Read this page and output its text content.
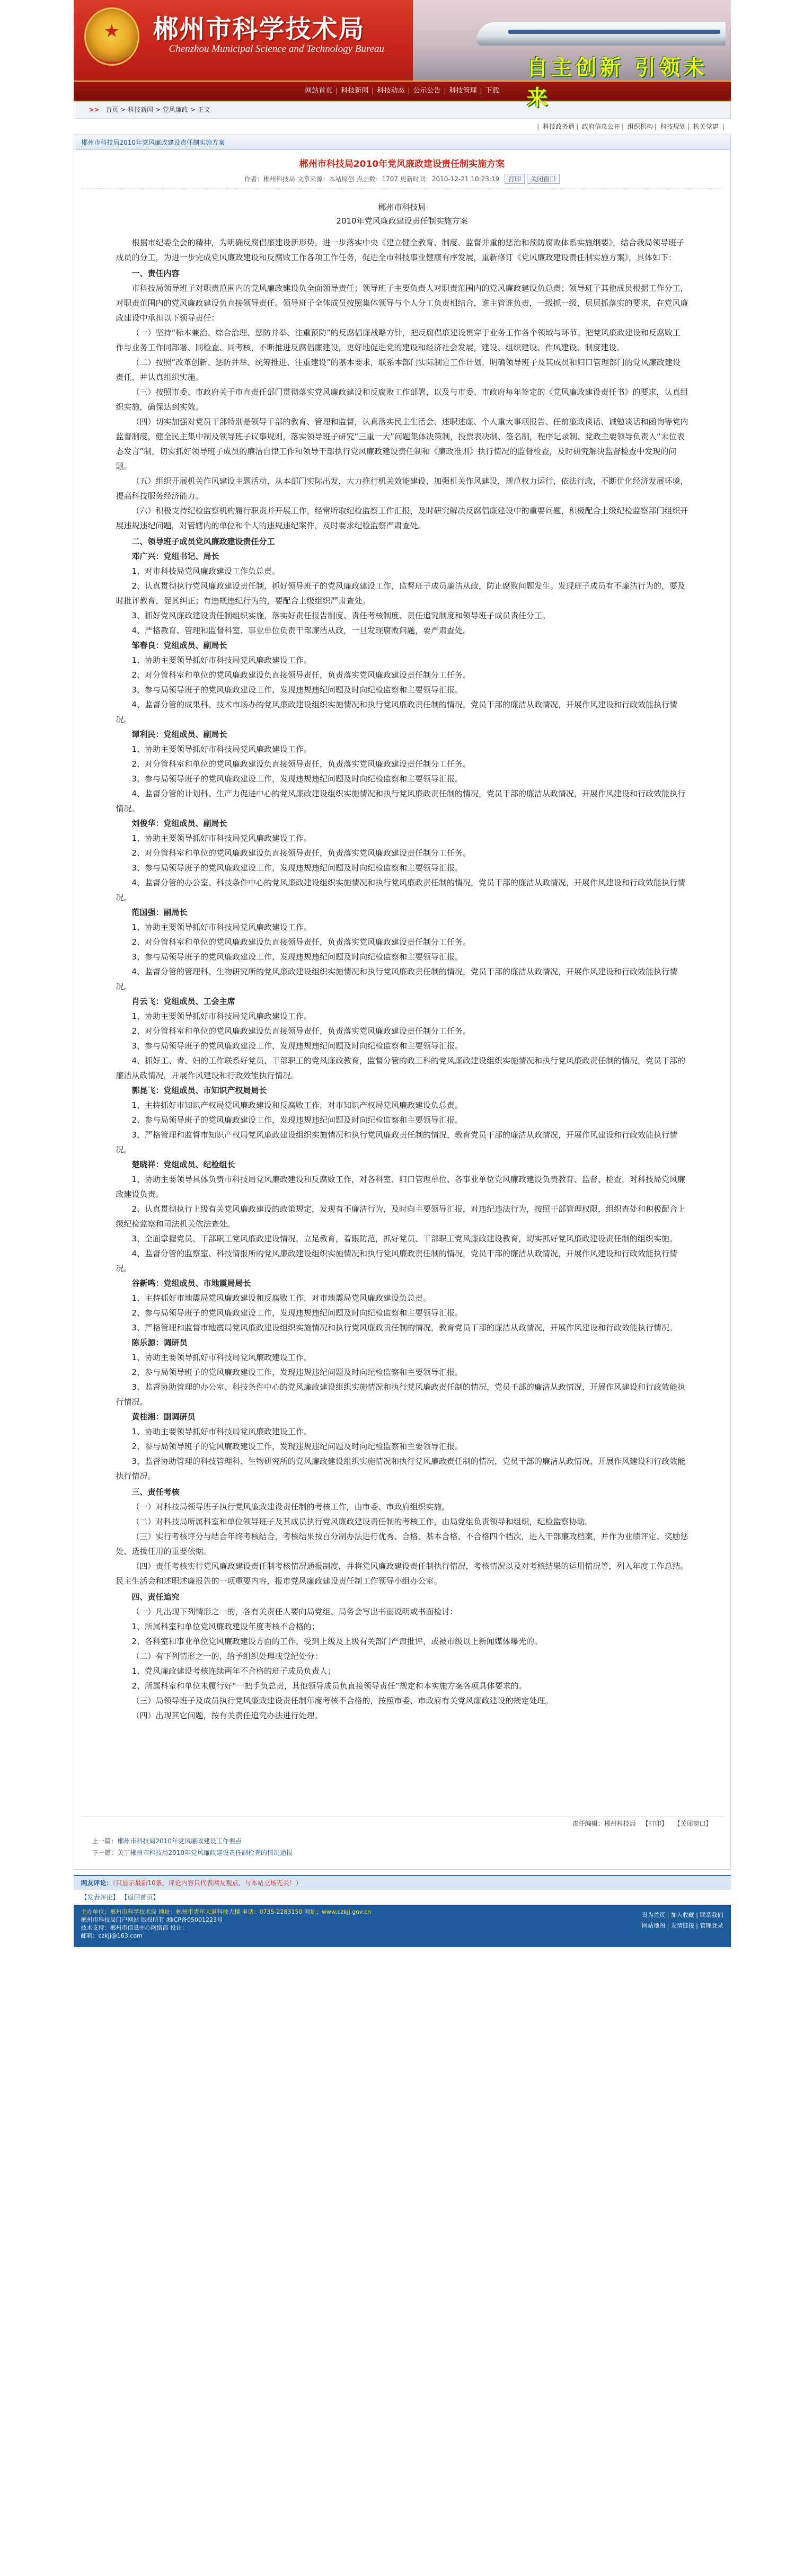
★
郴州市科学技术局
Chenzhou Municipal Science and Technology Bureau
自主创新 引领未来
网站首页 | 科技新闻 | 科技动态 | 公示公告 | 科技管理 | 下载
>> 首页 > 科技新闻 > 党风廉政 > 正文
| 科技政务通 | 政府信息公开 | 组织机构 | 科技规划 | 机关党建 |
郴州市科技局2010年党风廉政建设责任制实施方案
郴州市科技局2010年党风廉政建设责任制实施方案
作者：郴州科技局 文章来源：本站原创 点击数：1707 更新时间：2010-12-21 10:23:19 打印 关闭窗口
郴州市科技局
2010年党风廉政建设责任制实施方案

根据市纪委全会的精神，为明确反腐倡廉建设新形势，进一步落实中央《建立健全教育、制度、监督并重的惩治和预防腐败体系实施纲要》，结合我局领导班子成员的分工，为进一步完成党风廉政建设和反腐败工作各项工作任务，促进全市科技事业健康有序发展，重新修订《党风廉政建设责任制实施方案》，具体如下：

一、责任内容

市科技局领导班子对职责范围内的党风廉政建设负全面领导责任；领导班子主要负责人对职责范围内的党风廉政建设负总责；领导班子其他成员根据工作分工，对职责范围内的党风廉政建设负直接领导责任。领导班子全体成员按照集体领导与个人分工负责相结合，谁主管谁负责，一级抓一级，层层抓落实的要求，在党风廉政建设中承担以下领导责任：

（一）坚持“标本兼治、综合治理、惩防并举、注重预防”的反腐倡廉战略方针，把反腐倡廉建设贯穿于业务工作各个领域与环节。把党风廉政建设和反腐败工作与业务工作同部署、同检查、同考核，不断推进反腐倡廉建设，更好地促进党的建设和经济社会发展，建设、组织建设、作风建设、制度建设。

（二）按照“改革创新、惩防并举、统筹推进、注重建设”的基本要求，联系本部门实际制定工作计划，明确领导班子及其成员和归口管理部门的党风廉政建设责任，并认真组织实施。

（三）按照市委、市政府关于市直责任部门贯彻落实党风廉政建设和反腐败工作部署，以及与市委、市政府每年签定的《党风廉政建设责任书》的要求，认真组织实施，确保达到实效。

（四）切实加强对党员干部特别是领导干部的教育、管理和监督，认真落实民主生活会、述职述廉、个人重大事项报告、任前廉政谈话、诫勉谈话和函询等党内监督制度，健全民主集中制及领导班子议事规则，落实领导班子研究“三重一大”问题集体决策制，投票表决制、签名制，程序记录制、党政主要领导负责人“末位表态发言”制，切实抓好领导班子成员的廉洁自律工作和领导干部执行党风廉政建设责任制和《廉政准则》执行情况的监督检查，及时研究解决监督检查中发现的问题。

（五）组织开展机关作风建设主题活动，从本部门实际出发，大力推行机关效能建设，加强机关作风建设，规范权力运行，依法行政，不断优化经济发展环境，提高科技服务经济能力。

（六）积极支持纪检监察机构履行职责并开展工作，经常听取纪检监察工作汇报，及时研究解决反腐倡廉建设中的重要问题，积极配合上级纪检监察部门组织开展违规违纪问题，对管辖内的单位和个人的违规违纪案件，及时要求纪检监察严肃查处。

二、领导班子成员党风廉政建设责任分工

邓广兴：党组书记、局长

1、对市科技局党风廉政建设工作负总责。

2、认真贯彻执行党风廉政建设责任制，抓好领导班子的党风廉政建设工作，监督班子成员廉洁从政，防止腐败问题发生。发现班子成员有不廉洁行为的，要及时批评教育，促其纠正；有违规违纪行为的，要配合上级组织严肃查处。

3、抓好党风廉政建设责任制组织实施，落实好责任报告制度、责任考核制度、责任追究制度和领导班子成员责任分工。

4、严格教育、管理和监督科室、事业单位负责干部廉洁从政，一旦发现腐败问题，要严肃查处。

邹春良：党组成员、副局长

1、协助主要领导抓好市科技局党风廉政建设工作。

2、对分管科室和单位的党风廉政建设负直接领导责任，负责落实党风廉政建设责任制分工任务。

3、参与局领导班子的党风廉政建设工作，发现违规违纪问题及时向纪检监察和主要领导汇报。

4、监督分管的成果科、技术市场办的党风廉政建设组织实施情况和执行党风廉政责任制的情况，党员干部的廉洁从政情况，开展作风建设和行政效能执行情况。

谭利民：党组成员、副局长

1、协助主要领导抓好市科技局党风廉政建设工作。

2、对分管科室和单位的党风廉政建设负直接领导责任，负责落实党风廉政建设责任制分工任务。

3、参与局领导班子的党风廉政建设工作，发现违规违纪问题及时向纪检监察和主要领导汇报。

4、监督分管的计划科、生产力促进中心的党风廉政建设组织实施情况和执行党风廉政责任制的情况，党员干部的廉洁从政情况，开展作风建设和行政效能执行情况。

刘俊华：党组成员、副局长

1、协助主要领导抓好市科技局党风廉政建设工作。

2、对分管科室和单位的党风廉政建设负直接领导责任，负责落实党风廉政建设责任制分工任务。

3、参与局领导班子的党风廉政建设工作，发现违规违纪问题及时向纪检监察和主要领导汇报。

4、监督分管的办公室、科技条件中心的党风廉政建设组织实施情况和执行党风廉政责任制的情况，党员干部的廉洁从政情况，开展作风建设和行政效能执行情况。

范国强：副局长

1、协助主要领导抓好市科技局党风廉政建设工作。

2、对分管科室和单位的党风廉政建设负直接领导责任，负责落实党风廉政建设责任制分工任务。

3、参与局领导班子的党风廉政建设工作，发现违规违纪问题及时向纪检监察和主要领导汇报。

4、监督分管的管理科、生物研究所的党风廉政建设组织实施情况和执行党风廉政责任制的情况，党员干部的廉洁从政情况，开展作风建设和行政效能执行情况。

肖云飞：党组成员、工会主席

1、协助主要领导抓好市科技局党风廉政建设工作。

2、对分管科室和单位的党风廉政建设负直接领导责任，负责落实党风廉政建设责任制分工任务。

3、参与局领导班子的党风廉政建设工作，发现违规违纪问题及时向纪检监察和主要领导汇报。

4、抓好工、青、妇的工作联系好党员、干部职工的党风廉政教育，监督分管的政工科的党风廉政建设组织实施情况和执行党风廉政责任制的情况，党员干部的廉洁从政情况，开展作风建设和行政效能执行情况。

郭昆飞：党组成员、市知识产权局局长

1、主持抓好市知识产权局党风廉政建设和反腐败工作，对市知识产权局党风廉政建设负总责。

2、参与局领导班子的党风廉政建设工作，发现违规违纪问题及时向纪检监察和主要领导汇报。

3、严格管理和监督市知识产权局党风廉政建设组织实施情况和执行党风廉政责任制的情况，教育党员干部的廉洁从政情况，开展作风建设和行政效能执行情况。

楚晓祥：党组成员、纪检组长

1、协助主要领导具体负责市科技局党风廉政建设和反腐败工作，对各科室、归口管理单位、各事业单位党风廉政建设负责教育、监督、检查，对科技局党风廉政建设负责。

2、认真贯彻执行上级有关党风廉政建设的政策规定，发现有不廉洁行为，及时向主要领导汇报，对违纪违法行为，按照干部管理权限，组织查处和积极配合上级纪检监察和司法机关依法查处。

3、全面掌握党员、干部职工党风廉政建设情况，立足教育，着眼防范，抓好党员、干部职工党风廉政建设教育，切实抓好党风廉政建设责任制的组织实施。

4、监督分管的监察室、科技情报所的党风廉政建设组织实施情况和执行党风廉政责任制的情况，党员干部的廉洁从政情况，开展作风建设和行政效能执行情况。

谷新鸣：党组成员、市地震局局长

1、主持抓好市地震局党风廉政建设和反腐败工作，对市地震局党风廉政建设负总责。

2、参与局领导班子的党风廉政建设工作，发现违规违纪问题及时向纪检监察和主要领导汇报。

3、严格管理和监督市地震局党风廉政建设组织实施情况和执行党风廉政责任制的情况，教育党员干部的廉洁从政情况，开展作风建设和行政效能执行情况。

陈乐源：调研员

1、协助主要领导抓好市科技局党风廉政建设工作。

2、参与局领导班子的党风廉政建设工作，发现违规违纪问题及时向纪检监察和主要领导汇报。

3、监督协助管理的办公室、科技条件中心的党风廉政建设组织实施情况和执行党风廉政责任制的情况，党员干部的廉洁从政情况，开展作风建设和行政效能执行情况。

黄桂湘：副调研员

1、协助主要领导抓好市科技局党风廉政建设工作。

2、参与局领导班子的党风廉政建设工作，发现违规违纪问题及时向纪检监察和主要领导汇报。

3、监督协助管理的科技管理科、生物研究所的党风廉政建设组织实施情况和执行党风廉政责任制的情况，党员干部的廉洁从政情况，开展作风建设和行政效能执行情况。

三、责任考核

（一）对科技局领导班子执行党风廉政建设责任制的考核工作，由市委、市政府组织实施。

（二）对科技局所属科室和单位领导班子及其成员执行党风廉政建设责任制的考核工作，由局党组负责领导和组织，纪检监察协助。

（三）实行考核评分与结合年终考核结合，考核结果按百分制办法进行优秀、合格、基本合格、不合格四个档次，进入干部廉政档案，并作为业绩评定、奖励惩处、选拔任用的重要依据。

（四）责任考核实行党风廉政建设责任制考核情况通报制度，并将党风廉政建设责任制执行情况，考核情况以及对考核结果的运用情况等，列入年度工作总结。民主生活会和述职述廉报告的一项重要内容，报市党风廉政建设责任制工作领导小组办公室。

四、责任追究

（一）凡出现下列情形之一的，各有关责任人要向局党组、局务会写出书面说明或书面检讨：

1、所属科室和单位党风廉政建设年度考核不合格的；

2、各科室和事业单位党风廉政建设方面的工作，受到上级及上级有关部门严肃批评，或被市级以上新闻媒体曝光的。

（二）有下列情形之一的，给予组织处理或党纪处分：

1、党风廉政建设考核连续两年不合格的班子成员负责人；

2、所属科室和单位未履行好“一把手负总责，其他领导成员负直接领导责任”规定和本实施方案各项具体要求的。

（三）局领导班子及成员执行党风廉政建设责任制年度考核不合格的，按照市委、市政府有关党风廉政建设的规定处理。

（四）出现其它问题，按有关责任追究办法进行处理。

责任编辑：郴州科技局 【打印】 【关闭窗口】
上一篇：郴州市科技局2010年党风廉政建设工作要点
下一篇：关于郴州市科技局2010年党风廉政建设责任制检查的情况通报
网友评论：（只显示最新10条，评论内容只代表网友观点，与本站立场无关！）
【发表评论】 【返回首页】
主办单位：郴州市科学技术局 地址：郴州市青年大道科技大楼 电话：0735-2283150 网址：www.czkjj.gov.cn
郴州市科技局门户网站 版权所有 湘ICP备05001223号
技术支持：郴州市信息中心网络部 设计：
邮箱：czkjj@163.com
设为首页 | 加入收藏 | 联系我们
网站地图 | 友情链接 | 管理登录
